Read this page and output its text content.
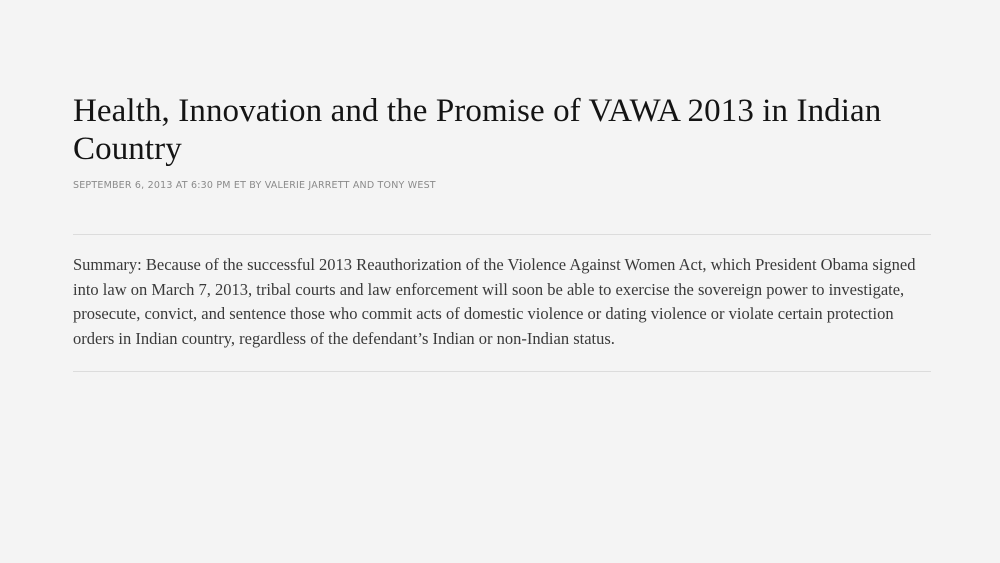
Health, Innovation and the Promise of VAWA 2013 in Indian Country
SEPTEMBER 6, 2013 AT 6:30 PM ET BY VALERIE JARRETT AND TONY WEST

Summary: Because of the successful 2013 Reauthorization of the Violence Against Women Act, which President Obama signed into law on March 7, 2013, tribal courts and law enforcement will soon be able to exercise the sovereign power to investigate, prosecute, convict, and sentence those who commit acts of domestic violence or dating violence or violate certain protection orders in Indian country, regardless of the defendant’s Indian or non-Indian status.
